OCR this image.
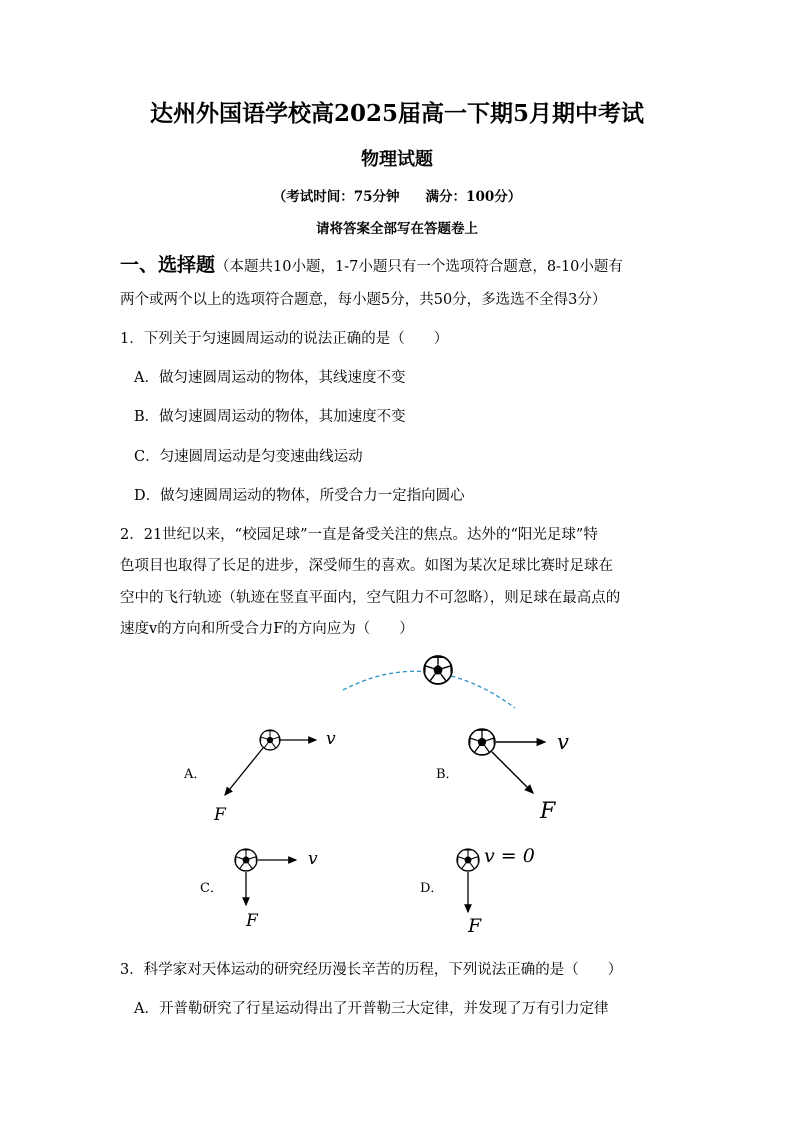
达州外国语学校高2025届高一下期5月期中考试
物理试题
（考试时间：75分钟 满分：100分）
请将答案全部写在答题卷上
一、选择题（本题共10小题，1-7小题只有一个选项符合题意，8-10小题有
两个或两个以上的选项符合题意，每小题5分，共50分，多选选不全得3分）
1．下列关于匀速圆周运动的说法正确的是（　　）
A．做匀速圆周运动的物体，其线速度不变
B．做匀速圆周运动的物体，其加速度不变
C．匀速圆周运动是匀变速曲线运动
D．做匀速圆周运动的物体，所受合力一定指向圆心
2．21世纪以来，“校园足球”一直是备受关注的焦点。达外的“阳光足球”特
色项目也取得了长足的进步，深受师生的喜欢。如图为某次足球比赛时足球在
空中的飞行轨迹（轨迹在竖直平面内，空气阻力不可忽略），则足球在最高点的
速度v的方向和所受合力F的方向应为（　　）
A．
v
F
B．
v
F
C．
v
F
D．
v = 0
F
3．科学家对天体运动的研究经历漫长辛苦的历程，下列说法正确的是（　　）
A．开普勒研究了行星运动得出了开普勒三大定律，并发现了万有引力定律
